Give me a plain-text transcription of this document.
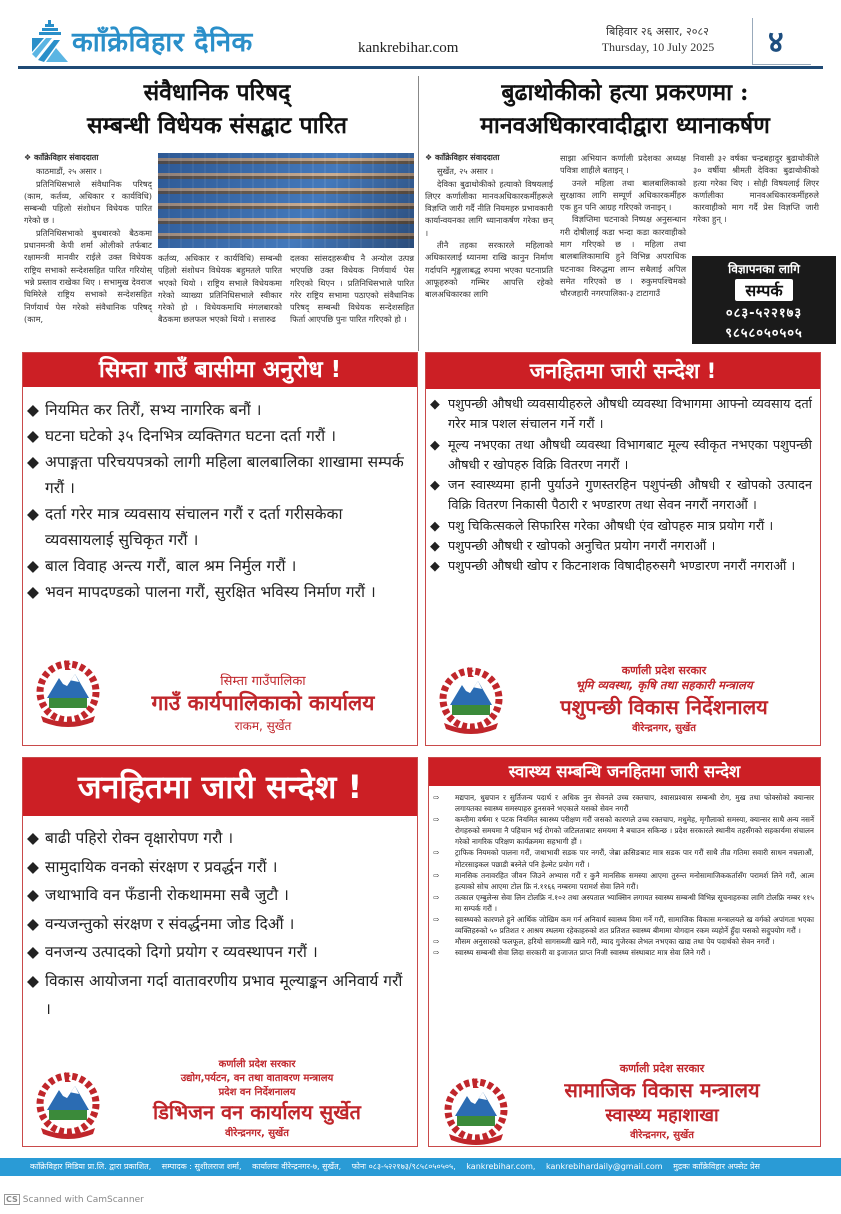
कााँक्रेविहार दैनिक	kankrebihar.com
बिहिवार २६ असार, २०८२
Thursday, 10 July 2025 ४
संवैधानिक परिषद्
सम्बन्धी विधेयक संसद्बाट पारित
बुढाथोकीको हत्या प्रकरणमा :
मानवअधिकारवादीद्वारा ध्यानाकर्षण
❖ कााँक्रेविहार संवाददाता

काठमाडौं, २५ असार ।

प्रतिनिधिसभाले संवैधानिक परिषद् (काम, कर्तव्य, अधिकार र कार्यविधि) सम्बन्धी पहिलो संशोधन विधेयक पारित गरेको छ ।

प्रतिनिधिसभाको बुधबारको बैठकमा प्रधानमन्त्री केपी शर्मा ओलीको तर्फबाट रक्षामन्त्री मानवीर राईले उक्त विधेयक राष्ट्रिय सभाको सन्देशसहित पारित गरियोस् भन्ने प्रस्ताव राखेका थिए । सभामुख देवराज घिमिरेले राष्ट्रिय सभाको सन्देशसहित निर्णयार्थ पेस गरेको संवैधानिक परिषद् (काम,

कर्तव्य, अधिकार र कार्यविधि) सम्बन्धी पहिलो संशोधन विधेयक बहुमतले पारित भएको थियो । राष्ट्रिय सभाले विधेयकमा गरेको व्याख्या प्रतिनिधिसभाले स्वीकार गरेको हो । विधेयकमाथि मंगलबारको बैठकमा छलफल भएको थियो । सत्तारुढ

दलका सांसदहरूबीच नै अन्योल उत्पन्न भएपछि उक्त विधेयक निर्णयार्थ पेस गरिएको थिएन । प्रतिनिधिसभाले पारित गरेर राष्ट्रिय सभामा पठाएको संवैधानिक परिषद् सम्बन्धी विधेयक सन्देशसहित फिर्ता आएपछि पुनः पारित गरिएको हो ।

❖ कााँक्रेविहार संवाददाता

सुर्खेत, २५ असार ।

देविका बुढाथोकीको हत्याको विषयलाई लिएर कर्णालीका मानवअधिकारकर्मीहरूले विज्ञप्ति जारी गर्दै नीति नियमहरु प्रभावकारी कार्यान्वयनका लागि ध्यानाकर्षण गरेका छन् ।

तीनै तहका सरकारले महिलाको अधिकारलाई ध्यानमा राखि कानुन निर्माण गर्दापनि शृङ्खलाबद्ध रुपमा भएका घटनाप्रति आफूहरुको गम्भिर आपत्ति रहेको बालअधिकारका लागि

साझा अभियान कर्णाली प्रदेशका अध्यक्ष पवित्रा शाहीले बताइन् ।

उनले महिला तथा बालबालिकाको सुरक्षाका लागि सम्पूर्ण अधिकारकर्मीहरु एक हुन पनि आग्रह गरिएको जनाइन् ।

विज्ञप्तिमा घटनाको निष्पक्ष अनुसन्धान गरी दोषीलाई कडा भन्दा कडा कारवाहीको माग गरिएको छ । महिला तथा बालबालिकामाथि हुने विभिन्न अपराधिक घटनाका विरुद्धमा लाग्न सबैलाई अपिल समेत गरिएको छ । रुकुमपश्चिमको चौरजहारी नगरपालिका-३ टाटागाउँ

निवासी ३२ वर्षका चन्द्रबहादुर बुढाथोकीले ३० वर्षीया श्रीमती देविका बुढाथोकीको हत्या गरेका थिए । सोही विषयलाई लिएर कर्णालीका मानवअधिकारकर्मीहरुले कारवाहीको माग गर्दै प्रेस विज्ञप्ति जारी गरेका हुन् ।

विज्ञापनका लागि
सम्पर्क
०८३-५२२१७३
९८५८०५०५०५
सिम्ता गाउँ बासीमा अनुरोध !
◆ नियमित कर तिरौं, सभ्य नागरिक बनौं ।
◆ घटना घटेको ३५ दिनभित्र व्यक्तिगत घटना दर्ता गरौं ।
◆ अपाङ्गता परिचयपत्रको लागी महिला बालबालिका शाखामा सम्पर्क गरौं ।
◆ दर्ता गरेर मात्र व्यवसाय संचालन गरौं र दर्ता गरीसकेका व्यवसायलाई सुचिकृत गरौं ।
◆ बाल विवाह अन्त्य गरौं, बाल श्रम निर्मुल गरौं ।
◆ भवन मापदण्डको पालना गरौं, सुरक्षित भविस्य निर्माण गरौं ।
सिम्ता गाउँपालिका
गाउँ कार्यपालिकाको कार्यालय
राकम, सुर्खेत
जनहितमा जारी सन्देश !
◆ पशुपन्छी औषधी व्यवसायीहरुले औषधी व्यवस्था विभागमा आफ्नो व्यवसाय दर्ता गरेर मात्र पशल संचालन गर्ने गरौं ।
◆ मूल्य नभएका तथा औषधी व्यवस्था विभागबाट मूल्य स्वीकृत नभएका पशुपन्छी औषधी र खोपहरु विक्रि वितरण नगरौं ।
◆ जन स्वास्थ्यमा हानी पुर्याउने गुणस्तरहिन पशुपंन्छी औषधी र खोपको उत्पादन विक्रि वितरण निकासी पैठारी र भण्डारण तथा सेवन नगरौं नगराऔं ।
◆ पशु चिकित्सकले सिफारिस गरेका औषधी एंव खोपहरु मात्र प्रयोग गरौं ।
◆ पशुपन्छी औषधी र खोपको अनुचित प्रयोग नगरौं नगराऔं ।
◆ पशुपन्छी औषधी खोप र किटनाशक विषादीहरुसगै भण्डारण नगरौं नगराऔं ।
कर्णाली प्रदेश सरकार
भूमि व्यवस्था, कृषि तथा सहकारी मन्त्रालय
पशुपन्छी विकास निर्देशनालय
वीरेन्द्रनगर, सुर्खेत
जनहितमा जारी सन्देश !
◆ बाढी पहिरो रोक्न वृक्षारोपण गरौ ।
◆ सामुदायिक वनको संरक्षण र प्रवर्द्धन गरौं ।
◆ जथाभावि वन फँडानी रोकथाममा सबै जुटौ ।
◆ वन्यजन्तुको संरक्षण र संवर्द्धनमा जोड दिऔं ।
◆ वनजन्य उत्पादको दिगो प्रयोग र व्यवस्थापन गरौं ।
◆ विकास आयोजना गर्दा वातावरणीय प्रभाव मूल्याङ्कन अनिवार्य गरौं ।
कर्णाली प्रदेश सरकार
उद्योग,पर्यटन, वन तथा वातावरण मन्त्रालय
प्रदेश वन निर्देशनालय
डिभिजन वन कार्यालय सुर्खेत
वीरेन्द्रनगर, सुर्खेत
स्वास्थ्य सम्बन्धि जनहितमा जारी सन्देश
⇨ मद्यपान, धुम्रपान र सुर्तिजन्य पदार्थ र अधिक नुन सेवनले उच्च रक्तचाप, श्वासप्रश्वास सम्बन्धी रोग, मुख तथा फोक्सोको क्यान्सर लगायतका स्वास्थ्य समस्याहरु हुनसक्ने भएकाले यसको सेवन नगरौं
⇨ कम्तीमा वर्षमा १ पटक नियमित स्वास्थ्य परीक्षण गरौं जसको कारणले उच्च रक्तचाप, मधुमेह, मृगौलाको समस्या, क्यान्सर साथै अन्य नसर्ने रोगहरुको समयमा नै पहिचान भई रोगको जटिलताबाट समयमा नै बचाउन सकिन्छ । प्रदेश सरकारले स्थानीय तहसँगको सहकार्यमा संचालन गरेको नागरिक परिक्षण कार्यक्रममा सहभागी हौं ।
⇨ ट्राफिक नियमको पालना गरौं, जथाभावी सडक पार नगरौं, जेब्रा क्रसिङबाट मात्र सडक पार गरौं साथै तीव्र गतिमा सवारी साधन नचलाऔं, मोटरसाइकल पछाडी बस्नेले पनि हेल्मेट प्रयोग गरौं ।
⇨ मानसिक तनावरहित जीवन जिउने अभ्यास गरौं र कुनै मानसिक समस्या आएमा तुरुन्त मनोसामाजिककर्तासँग परामर्श लिने गरौं, आत्म हत्याको सोच आएमा टोल फ्रि नं.११६६ नम्बरमा परामर्श सेवा लिने गरौं।
⇨ तत्काल एम्बुलेन्स सेवा लिन टोलफ्रि नं.१०२ तथा अस्पताल भ्याक्सिन लगायत स्वास्थ्य सम्बन्धी विभिन्न सूचनाहरुका लागि टोलफ्रि नम्बर ११५ मा सम्पर्क गरौं ।
⇨ स्वास्थ्यको कारणले हुने आर्थिक जोखिम कम गर्न अनिवार्य स्वास्थ्य विमा गर्ने गरौं, सामाजिक विकास मन्त्रालयले ख वर्गको अपांगता भएका व्यक्तिहरुको ५० प्रतिशत र आश्रय स्थलमा रहेकाहरुको शत प्रतिशत स्वास्थ्य बीमामा योगदान रकम व्यहोर्ने हुँदा यसको सदुपयोग गरौं ।
⇨ मौसम अनुसारको फलफूल, हरियो सागसब्जी खाने गरौं, म्याद गुजेरका लेभल नभएका खाद्य तथा पेय पदार्थको सेवन नगरौं ।
⇨ स्वास्थ्य सम्बन्धी सेवा लिदा सरकारी वा इजाजत प्राप्त निजी स्वास्थ्य संस्थाबाट मात्र सेवा लिने गरौं ।
कर्णाली प्रदेश सरकार
सामाजिक विकास मन्त्रालय
स्वास्थ्य महाशाखा
वीरेन्द्रनगर, सुर्खेत
कााँक्रेविहार मिडिया प्रा.लि. द्वारा प्रकाशित, सम्पादक : सुशीलराज शर्मा, कार्यालयः वीरेन्द्रनगर-७, सुर्खेत, फोनः ०८३-५२२१७३/९८५८०५०५०५, kankrebihar.com, kankrebihardaily@gmail.com मुद्रकः कााँक्रेविहार अफ्सेट प्रेस
CS Scanned with CamScanner
